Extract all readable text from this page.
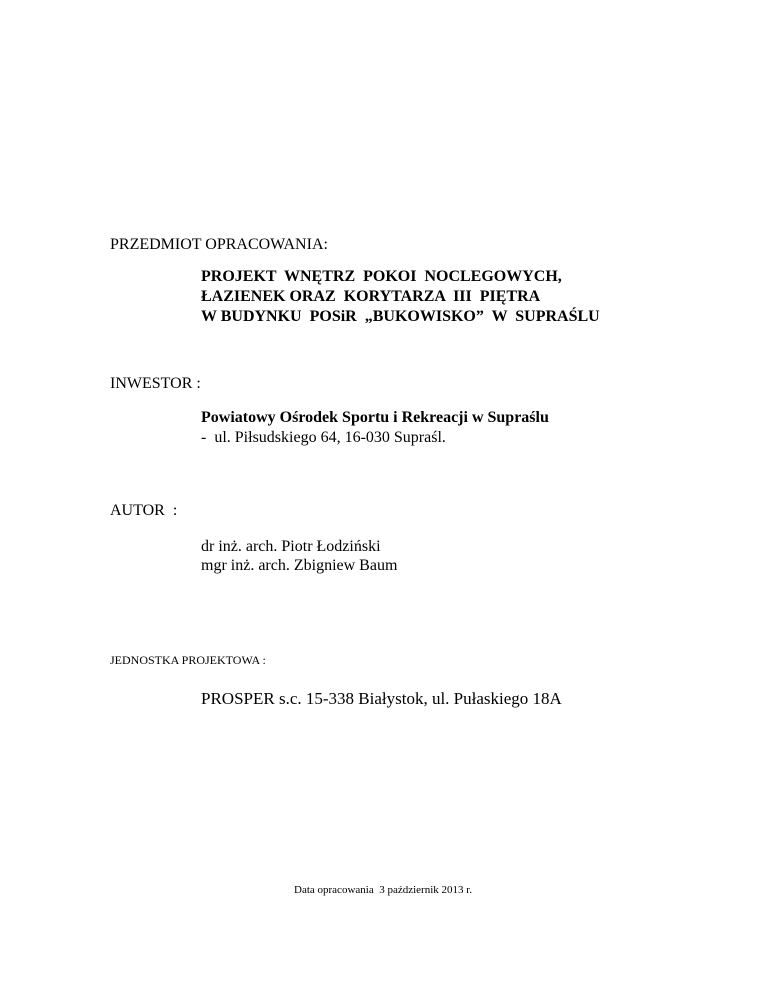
PRZEDMIOT OPRACOWANIA:
PROJEKT  WNĘTRZ  POKOI  NOCLEGOWYCH,
ŁAZIENEK ORAZ  KORYTARZA  III  PIĘTRA
W BUDYNKU  POSiR  „BUKOWISKO”  W  SUPRAŚLU
INWESTOR :
Powiatowy Ośrodek Sportu i Rekreacji w Supraślu
-  ul. Piłsudskiego 64, 16-030 Supraśl.
AUTOR  :
dr inż. arch. Piotr Łodziński
mgr inż. arch. Zbigniew Baum
JEDNOSTKA PROJEKTOWA :
PROSPER s.c. 15-338 Białystok, ul. Pułaskiego 18A
Data opracowania  3 październik 2013 r.
